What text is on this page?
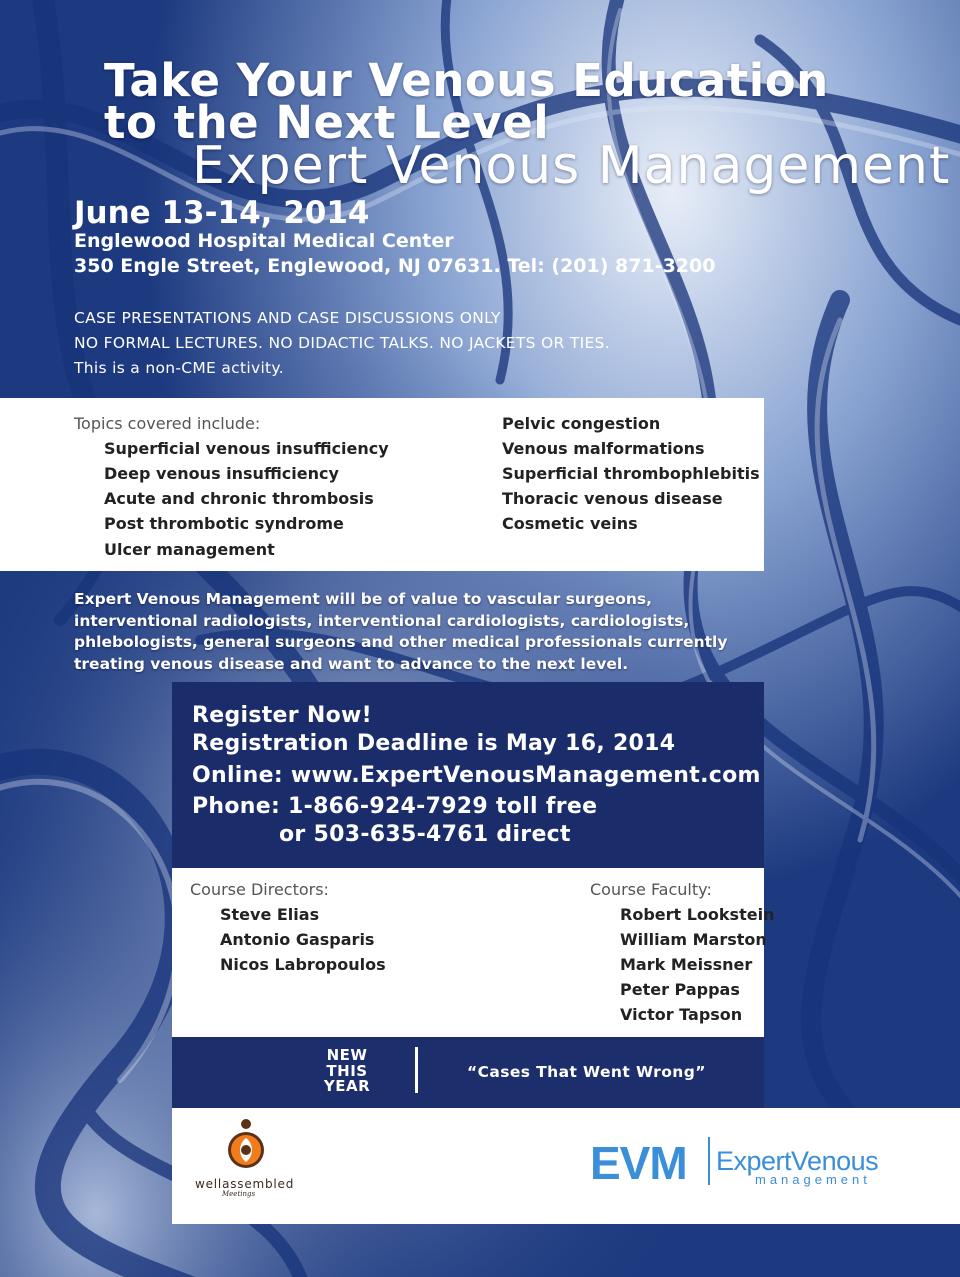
Take Your Venous Education
to the Next Level
Expert Venous Management
June 13-14, 2014
Englewood Hospital Medical Center
350 Engle Street, Englewood, NJ 07631. Tel: (201) 871-3200
CASE PRESENTATIONS AND CASE DISCUSSIONS ONLY
NO FORMAL LECTURES. NO DIDACTIC TALKS. NO JACKETS OR TIES.
This is a non-CME activity.
Topics covered include:
Superficial venous insufficiency
Deep venous insufficiency
Acute and chronic thrombosis
Post thrombotic syndrome
Ulcer management
Pelvic congestion
Venous malformations
Superficial thrombophlebitis
Thoracic venous disease
Cosmetic veins
Expert Venous Management will be of value to vascular surgeons,
interventional radiologists, interventional cardiologists, cardiologists,
phlebologists, general surgeons and other medical professionals currently
treating venous disease and want to advance to the next level.
Register Now!
Registration Deadline is May 16, 2014
Online: www.ExpertVenousManagement.com
Phone: 1-866-924-7929 toll free
or 503-635-4761 direct
Course Directors:
Steve Elias
Antonio Gasparis
Nicos Labropoulos
Course Faculty:
Robert Lookstein
William Marston
Mark Meissner
Peter Pappas
Victor Tapson
NEW
THIS
YEAR
“Cases That Went Wrong”
wellassembled
Meetings
EVM ExpertVenous
management
